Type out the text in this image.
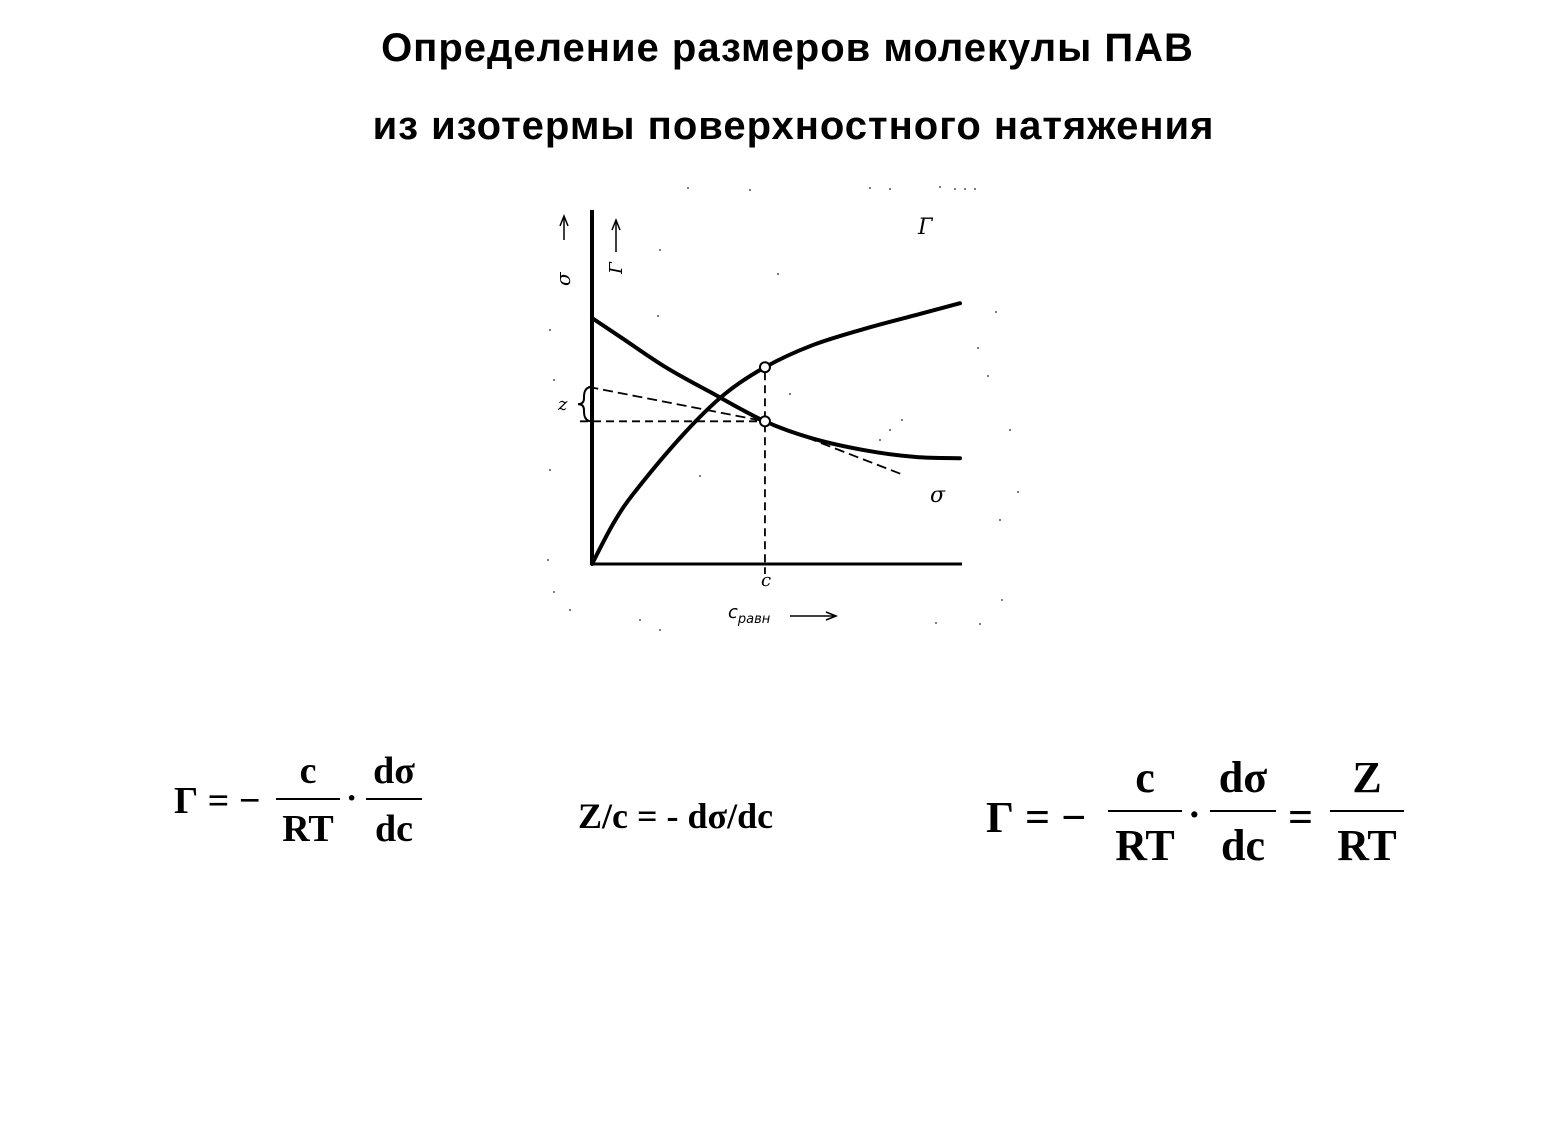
Определение размеров молекулы ПАВ
из изотермы поверхностного натяжения
σ
Г
z
Г
σ
c
$c_{равн}$
Г = −
c
RT
·
dσ
dc	Z/c = - dσ/dc	Г = −
c
RT
·
dσ
dc
=
Z
RT
